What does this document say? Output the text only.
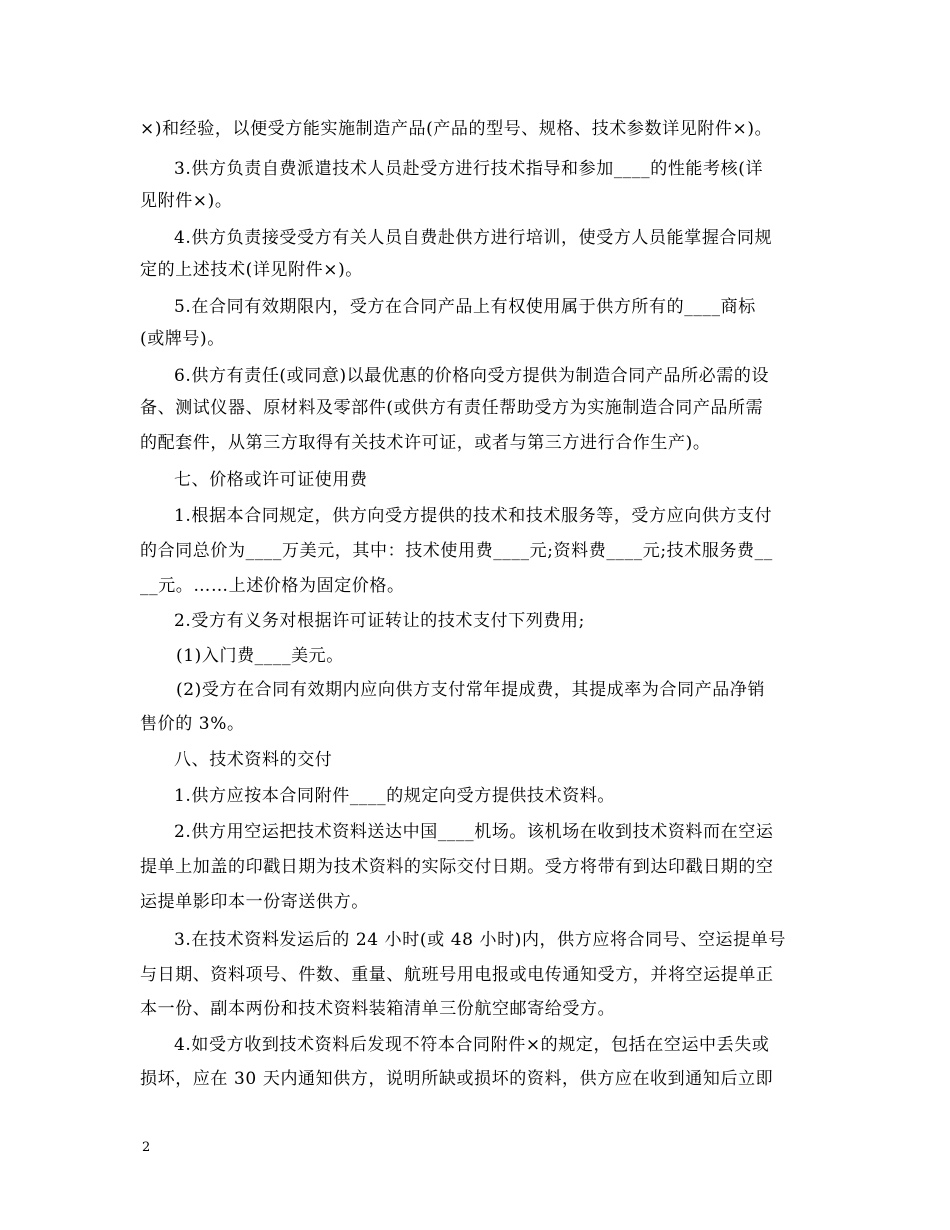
×)和经验，以便受方能实施制造产品(产品的型号、规格、技术参数详见附件×)。
3.供方负责自费派遣技术人员赴受方进行技术指导和参加____的性能考核(详
见附件×)。
4.供方负责接受受方有关人员自费赴供方进行培训，使受方人员能掌握合同规
定的上述技术(详见附件×)。
5.在合同有效期限内，受方在合同产品上有权使用属于供方所有的____商标
(或牌号)。
6.供方有责任(或同意)以最优惠的价格向受方提供为制造合同产品所必需的设
备、测试仪器、原材料及零部件(或供方有责任帮助受方为实施制造合同产品所需
的配套件，从第三方取得有关技术许可证，或者与第三方进行合作生产)。
七、价格或许可证使用费
1.根据本合同规定，供方向受方提供的技术和技术服务等，受方应向供方支付
的合同总价为____万美元，其中：技术使用费____元;资料费____元;技术服务费__
__元。……上述价格为固定价格。
2.受方有义务对根据许可证转让的技术支付下列费用;
(1)入门费____美元。
(2)受方在合同有效期内应向供方支付常年提成费，其提成率为合同产品净销
售价的 3%。
八、技术资料的交付
1.供方应按本合同附件____的规定向受方提供技术资料。
2.供方用空运把技术资料送达中国____机场。该机场在收到技术资料而在空运
提单上加盖的印戳日期为技术资料的实际交付日期。受方将带有到达印戳日期的空
运提单影印本一份寄送供方。
3.在技术资料发运后的 24 小时(或 48 小时)内，供方应将合同号、空运提单号
与日期、资料项号、件数、重量、航班号用电报或电传通知受方，并将空运提单正
本一份、副本两份和技术资料装箱清单三份航空邮寄给受方。
4.如受方收到技术资料后发现不符本合同附件×的规定，包括在空运中丢失或
损坏，应在 30 天内通知供方，说明所缺或损坏的资料，供方应在收到通知后立即
2
